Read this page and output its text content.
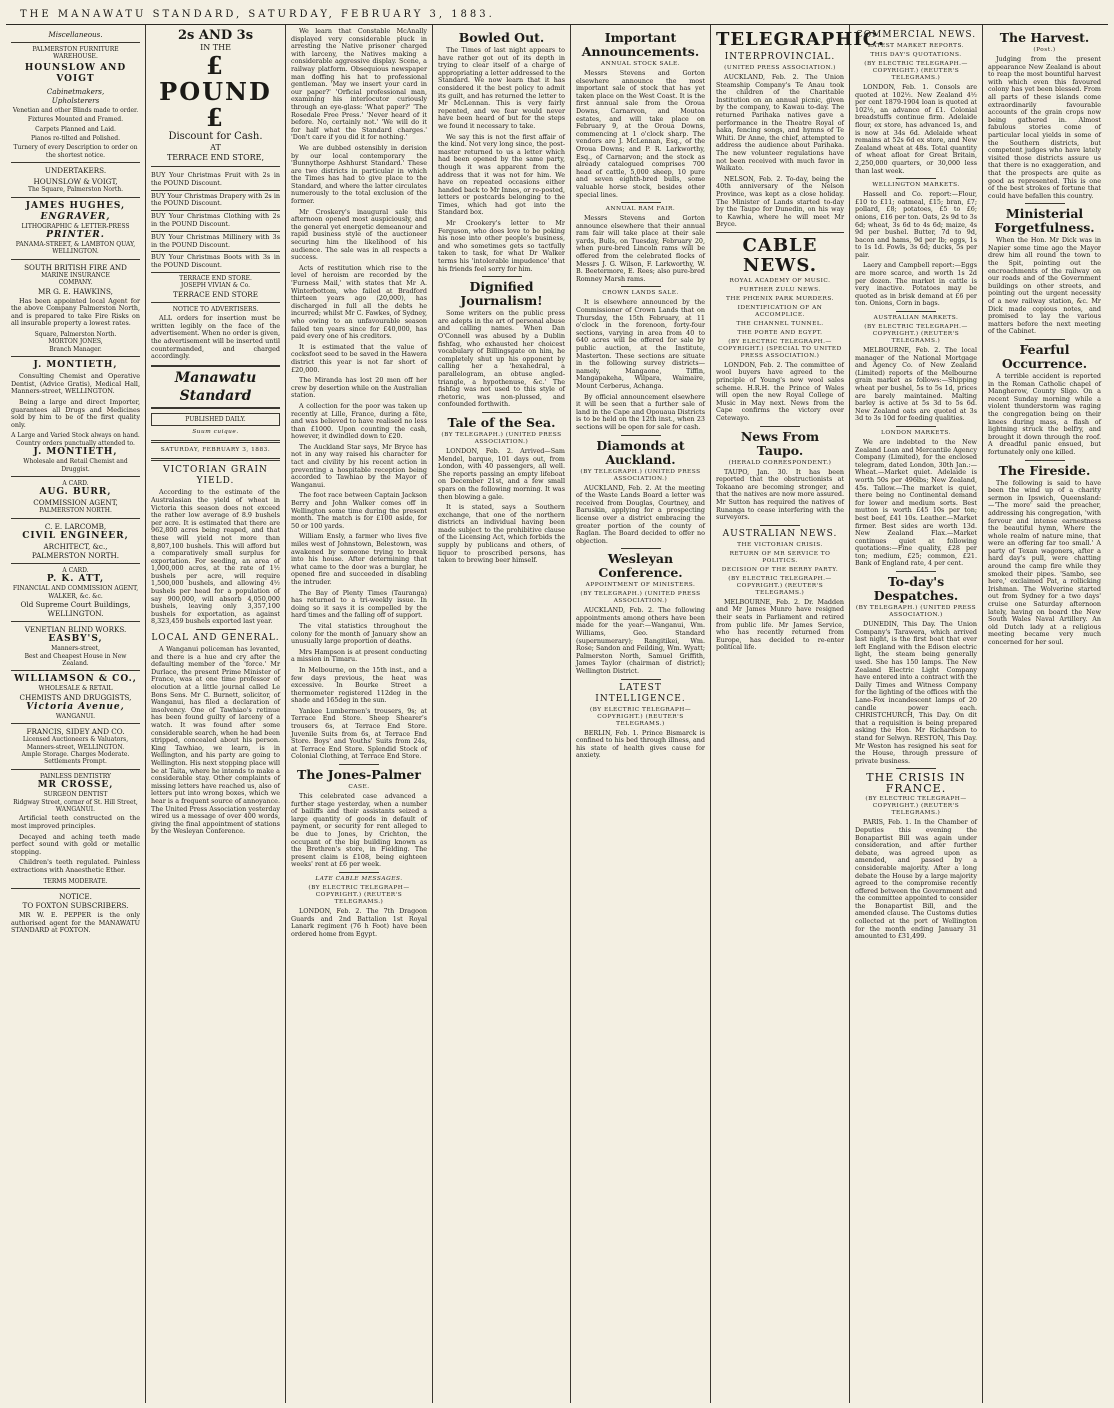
THE MANAWATU STANDARD, SATURDAY, FEBRUARY 3, 1883.
Miscellaneous.
PALMERSTON FURNITURE
WAREHOUSE.
HOUNSLOW AND VOIGT
Cabinetmakers,
Upholsterers
Venetian and other Blinds made to order.
Fixtures Mounted and Framed.
Carpets Planned and Laid.
Pianos re-tilted and Polished.
Turnery of every Description to order on the shortest notice.
UNDERTAKERS.
HOUNSLOW & VOIGT,
The Square, Palmerston North.
JAMES HUGHES,
ENGRAVER,
LITHOGRAPHIC & LETTER-PRESS
PRINTER.
PANAMA-STREET, & LAMBTON QUAY,
WELLINGTON.
SOUTH BRITISH FIRE AND
MARINE INSURANCE
COMPANY.
MR G. E. HAWKINS,

Has been appointed local Agent for the above Company Palmerston North, and is prepared to take Fire Risks on all insurable property a lowest rates.

Square, Palmerston North.
MORTON JONES,
Branch Manager.
J. MONTIETH,

Consulting Chemist and Operative Dentist, (Advice Gratis), Medical Hall, Manners-street, WELLINGTON.

Being a large and direct Importer, guarantees all Drugs and Medicines sold by him to be of the first quality only.

A Large and Varied Stock always on hand.
Country orders punctually attended to.
J. MONTIETH,
Wholesale and Retail Chemist and Druggist.
A CARD.
AUG. BURR,
COMMISSION AGENT,
PALMERSTON NORTH.
C. E. LARCOMB,
CIVIL ENGINEER,
ARCHITECT, &c.,
PALMERSTON NORTH.
A CARD.
P. K. ATT,
FINANCIAL AND COMMISSION AGENT,
WALKER, &c. &c.
Old Supreme Court Buildings, WELLINGTON.
VENETIAN BLIND WORKS.
EASBY'S,
Manners-street,
Best and Cheapest House in New Zealand.
WILLIAMSON & CO.,
WHOLESALE & RETAIL
CHEMISTS AND DRUGGISTS,
Victoria Avenue,
WANGANUI.
FRANCIS, SIDEY AND CO.
Licensed Auctioneers & Valuators,
Manners-street, WELLINGTON.
Ample Storage. Charges Moderate.
Settlements Prompt.
PAINLESS DENTISTRY
MR CROSSE,
SURGEON DENTIST
Ridgway Street, corner of St. Hill Street, WANGANUI.

Artificial teeth constructed on the most improved principles.

Decayed and aching teeth made perfect sound with gold or metallic stopping.

Children's teeth regulated. Painless extractions with Anaesthetic Ether.

TERMS MODERATE.
NOTICE.
TO FOXTON SUBSCRIBERS.

MR W. E. PEPPER is the only authorised agent for the MANAWATU STANDARD at FOXTON.

2s AND 3s
IN THE
£ POUND £
Discount for Cash.
AT
TERRACE END STORE,
BUY Your Christmas Fruit with 2s in the POUND Discount.
BUY Your Christmas Drapery with 2s in the POUND Discount.
BUY Your Christmas Clothing with 2s in the POUND Discount.
BUY Your Christmas Millinery with 3s in the POUND Discount.
BUY Your Christmas Boots with 3s in the POUND Discount.
TERRACE END STORE.
JOSEPH VIVIAN & Co.
TERRACE END STORE
NOTICE TO ADVERTISERS.

ALL orders for insertion must be written legibly on the face of the advertisement. When no order is given, the advertisement will be inserted until countermanded, and charged accordingly.

Manawatu Standard
PUBLISHED DAILY.
Suum cuique.
SATURDAY, FEBRUARY 3, 1883.
VICTORIAN GRAIN YIELD.

According to the estimate of the Australasian the yield of wheat in Victoria this season does not exceed the rather low average of 8.9 bushels per acre. It is estimated that there are 962,800 acres being reaped, and that these will yield not more than 8,807,100 bushels. This will afford but a comparatively small surplus for exportation. For seeding, an area of 1,000,000 acres, at the rate of 1½ bushels per acre, will require 1,500,000 bushels, and allowing 4½ bushels per head for a population of say 900,000, will absorb 4,050,000 bushels, leaving only 3,357,100 bushels for exportation, as against 8,323,459 bushels exported last year.

LOCAL AND GENERAL.

A Wanganui policeman has levanted, and there is a hue and cry after the defaulting member of the 'force.' Mr Durlace, the present Prime Minister of France, was at one time professor of elocution at a little journal called Le Bons Sens. Mr C. Burnett, solicitor, of Wanganui, has filed a declaration of insolvency. One of Tawhiao's retinue has been found guilty of larceny of a watch. It was found after some considerable search, when he had been stripped, concealed about his person. King Tawhiao, we learn, is in Wellington, and his party are going to Wellington. His next stopping place will be at Taita, where he intends to make a considerable stay. Other complaints of missing letters have reached us, also of letters put into wrong boxes, which we hear is a frequent source of annoyance. The United Press Association yesterday wired us a message of over 400 words, giving the final appointment of stations by the Wesleyan Conference.

We learn that Constable McAnally displayed very considerable pluck in arresting the Native prisoner charged with larceny, the Natives making a considerable aggressive display. Scene, a railway platform. Obsequious newspaper man doffing his hat to professional gentleman. 'May we insert your card in our paper?' 'Orficial professional man, examining his interlocutor curiously through an eye-glass: 'What paper?' 'The Rosedale Free Press.' 'Never heard of it before. No, certainly not.' 'We will do it for half what the Standard charges.' 'Don't care if you did it for nothing.'

We are dubbed ostensibly in derision by our local contemporary the 'Bunnythorpe Ashhurst Standard.' These are two districts in particular in which the Times has had to give place to the Standard, and where the latter circulates numerously to the total exclusion of the former.

Mr Croskery's inaugural sale this afternoon opened most auspiciously, and the general yet energetic demeanour and rapid business style of the auctioneer securing him the likelihood of his audience. The sale was in all respects a success.

Acts of restitution which rise to the level of heroism are recorded by the 'Furness Mail,' with states that Mr A. Winterbottom, who failed at Bradford thirteen years ago (20,000), has discharged in full all the debts he incurred; whilst Mr C. Fawkes, of Sydney, who owing to an unfavourable season failed ten years since for £40,000, has paid every one of his creditors.

It is estimated that the value of cocksfoot seed to be saved in the Hawera district this year is not far short of £20,000.

The Miranda has lost 20 men off her crew by desertion while on the Australian station.

A collection for the poor was taken up recently at Lille, France, during a fête, and was believed to have realised no less than £1000. Upon counting the cash, however, it dwindled down to £20.

The Auckland Star says, Mr Bryce has not in any way raised his character for tact and civility by his recent action in preventing a hospitable reception being accorded to Tawhiao by the Mayor of Wanganui.

The foot race between Captain Jackson Berry and John Walker comes off in Wellington some time during the present month. The match is for £100 aside, for 50 or 100 yards.

William Ensly, a farmer who lives five miles west of Johnstown, Belestown, was awakened by someone trying to break into his house. After determining that what came to the door was a burglar, he opened fire and succeeded in disabling the intruder.

The Bay of Plenty Times (Tauranga) has returned to a tri-weekly issue. In doing so it says it is compelled by the hard times and the falling off of support.

The vital statistics throughout the colony for the month of January show an unusually large proportion of deaths.

Mrs Hampson is at present conducting a mission in Timaru.

In Melbourne, on the 15th inst., and a few days previous, the heat was excessive. In Bourke Street a thermometer registered 112deg in the shade and 165deg in the sun.

Yankee Lumbermen's trousers, 9s; at Terrace End Store. Sheep Shearer's trousers 6s, at Terrace End Store. Juvenile Suits from 6s, at Terrace End Store. Boys' and Youths' Suits from 24s, at Terrace End Store. Splendid Stock of Colonial Clothing, at Terrace End Store.

The Jones-Palmer
CASE.

This celebrated case advanced a further stage yesterday, when a number of bailiffs and their assistants seized a large quantity of goods in default of payment, or security for rent alleged to be due to Jones, by Crichton, the occupant of the big building known as the Brethren's store, in Fielding. The present claim is £108, being eighteen weeks' rent at £6 per week.

LATE CABLE MESSAGES.
(BY ELECTRIC TELEGRAPH—COPYRIGHT.) (REUTER'S TELEGRAMS.)

LONDON, Feb. 2. The 7th Dragoon Guards and 2nd Battalion 1st Royal Lanark regiment (76 h Foot) have been ordered home from Egypt.

Bowled Out.

The Times of last night appears to have rather got out of its depth in trying to clear itself of a charge of appropriating a letter addressed to the Standard. We now learn that it has considered it the best policy to admit its guilt, and has returned the letter to Mr McLennan. This is very fairly repented, and we fear would never have been heard of but for the steps we found it necessary to take.

We say this is not the first affair of the kind. Not very long since, the post-master returned to us a letter which had been opened by the same party, though it was apparent from the address that it was not for him. We have on repeated occasions either handed back to Mr Innes, or re-posted, letters or postcards belonging to the Times, which had got into the Standard box.

Mr Crookery's letter to Mr Ferguson, who does love to be poking his nose into other people's business, and who sometimes gets so tactfully taken to task, for what Dr Walker terms his 'intolerable impudence' that his friends feel sorry for him.

Dignified Journalism!

Some writers on the public press are adepts in the art of personal abuse and calling names. When Dan O'Connell was abused by a Dublin fishfag, who exhausted her choicest vocabulary of Billingsgate on him, he completely shut up his opponent by calling her a 'hexahedral, a parallelogram, an obtuse angled-triangle, a hypothenuse, &c.' The fishfag was not used to this style of rhetoric, was non-plussed, and confounded forthwith.

Tale of the Sea.
(BY TELEGRAPH.) (UNITED PRESS ASSOCIATION.)

LONDON, Feb. 2. Arrived—Sam Mendel, barque, 101 days out, from London, with 40 passengers, all well. She reports passing an empty lifeboat on December 21st, and a few small spars on the following morning. It was then blowing a gale.

It is stated, says a Southern exchange, that one of the northern districts an individual having been made subject to the prohibitive clause of the Licensing Act, which forbids the supply by publicans and others, of liquor to proscribed persons, has taken to brewing beer himself.

Important Announcements.
ANNUAL STOCK SALE.

Messrs Stevens and Gorton elsewhere announce the most important sale of stock that has yet taken place on the West Coast. It is the first annual sale from the Oroua Downs, Carnarvon, and Moutoa estates, and will take place on February 9, at the Oroua Downs, commencing at 1 o'clock sharp. The vendors are J. McLennan, Esq., of the Oroua Downs; and P. R. Larkworthy, Esq., of Carnarvon; and the stock as already catalogued comprises 700 head of cattle, 5,000 sheep, 10 pure and seven eighth-bred bulls, some valuable horse stock, besides other special lines.

ANNUAL RAM FAIR.

Messrs Stevens and Gorton announce elsewhere that their annual ram fair will take place at their sale yards, Bulls, on Tuesday, February 20, when pure-bred Lincoln rams will be offered from the celebrated flocks of Messrs J. G. Wilson, F. Larkworthy, W. B. Beetermore, E. Rees; also pure-bred Romney Marsh rams.

CROWN LANDS SALE.

It is elsewhere announced by the Commissioner of Crown Lands that on Thursday, the 15th February, at 11 o'clock in the forenoon, forty-four sections, varying in area from 40 to 640 acres will be offered for sale by public auction, at the Institute, Masterton. These sections are situate in the following survey districts—namely, Mangaone, Tiffin, Mangapakeha, Wilpara, Waimaire, Mount Cerberus, Achanga.

By official announcement elsewhere it will be seen that a further sale of land in the Cape and Opouaua Districts is to be held on the 12th inst., when 23 sections will be open for sale for cash.

Diamonds at Auckland.
(BY TELEGRAPH.) (UNITED PRESS ASSOCIATION.)

AUCKLAND, Feb. 2. At the meeting of the Waste Lands Board a letter was received from Douglas, Courtney, and Baruskin, applying for a prospecting license over a district embracing the greater portion of the county of Raglan. The Board decided to offer no objection.

Wesleyan Conference.
APPOINTMENT OF MINISTERS.
(BY TELEGRAPH.) (UNITED PRESS ASSOCIATION.)

AUCKLAND, Feb. 2. The following appointments among others have been made for the year:—Wanganui, Wm. Williams, Geo. Standard (supernumerary); Rangitikei, Wm. Rose; Sandon and Feilding, Wm. Wyatt; Palmerston North, Samuel Griffith, James Taylor (chairman of district); Wellington District.

LATEST INTELLIGENCE.
(BY ELECTRIC TELEGRAPH—COPYRIGHT.) (REUTER'S TELEGRAMS.)

BERLIN, Feb. 1. Prince Bismarck is confined to his bed through illness, and his state of health gives cause for anxiety.

TELEGRAPHIC.
INTERPROVINCIAL.
(UNITED PRESS ASSOCIATION.)

AUCKLAND, Feb. 2. The Union Steamship Company's Te Anau took the children of the Charitable Institution on an annual picnic, given by the company, to Kawau to-day. The returned Parihaka natives gave a performance in the Theatre Royal of haka, fencing songs, and hymns of Te Whiti. Dr Anne, the chief, attempted to address the audience about Parihaka. The new volunteer regulations have not been received with much favor in Waikato.

NELSON, Feb. 2. To-day, being the 40th anniversary of the Nelson Province, was kept as a close holiday. The Minister of Lands started to-day by the Taupo for Dunedin, on his way to Kawhia, where he will meet Mr Bryce.

CABLE NEWS.
ROYAL ACADEMY OF MUSIC.
FURTHER ZULU NEWS.
THE PHŒNIX PARK MURDERS.
IDENTIFICATION OF AN ACCOMPLICE.
THE CHANNEL TUNNEL.
THE PORTE AND EGYPT.
(BY ELECTRIC TELEGRAPH.—COPYRIGHT.) (SPECIAL TO UNITED PRESS ASSOCIATION.)

LONDON, Feb. 2. The committee of wool buyers have agreed to the principle of Young's new wool sales scheme. H.R.H. the Prince of Wales will open the new Royal College of Music in May next. News from the Cape confirms the victory over Cetewayo.

News From Taupo.
(HERALD CORRESPONDENT.)

TAUPO, Jan. 30. It has been reported that the obstructionists at Tokaano are becoming stronger, and that the natives are now more assured. Mr Sutton has required the natives of Runanga to cease interfering with the surveyors.

AUSTRALIAN NEWS.
THE VICTORIAN CRISIS.
RETURN OF MR SERVICE TO POLITICS.
DECISION OF THE BERRY PARTY.
(BY ELECTRIC TELEGRAPH.—COPYRIGHT.) (REUTER'S TELEGRAMS.)

MELBOURNE, Feb. 2. Dr. Madden and Mr James Munro have resigned their seats in Parliament and retired from public life. Mr James Service, who has recently returned from Europe, has decided to re-enter political life.

COMMERCIAL NEWS.
LATEST MARKET REPORTS.
THIS DAY'S QUOTATIONS.
(BY ELECTRIC TELEGRAPH.—COPYRIGHT.) (REUTER'S TELEGRAMS.)

LONDON, Feb. 1. Consols are quoted at 102½. New Zealand 4½ per cent 1879-1904 loan is quoted at 102½, an advance of £1. Colonial breadstuffs continue firm. Adelaide flour, ex store, has advanced 1s, and is now at 34s 6d. Adelaide wheat remains at 52s 6d ex store, and New Zealand wheat at 48s. Total quantity of wheat afloat for Great Britain, 2,250,000 quarters, or 30,000 less than last week.

WELLINGTON MARKETS.

Hassell and Co. report:—Flour, £10 to £11; oatmeal, £15; bran, £7; pollard, £8; potatoes, £5 to £6; onions, £16 per ton. Oats, 2s 9d to 3s 6d; wheat, 3s 6d to 4s 6d; maize, 4s 9d per bushel. Butter, 7d to 9d, bacon and hams, 9d per lb; eggs, 1s to 1s 1d. Fowls, 3s 6d; ducks, 5s per pair.

Laery and Campbell report:—Eggs are more scarce, and worth 1s 2d per dozen. The market in cattle is very inactive. Potatoes may be quoted as in brisk demand at £6 per ton. Onions, Corn in bags.

AUSTRALIAN MARKETS.
(BY ELECTRIC TELEGRAPH.—COPYRIGHT.) (REUTER'S TELEGRAMS.)

MELBOURNE, Feb. 2. The local manager of the National Mortgage and Agency Co. of New Zealand (Limited) reports of the Melbourne grain market as follows:—Shipping wheat per bushel, 5s to 5s 1d, prices are barely maintained. Malting barley is active at 5s 3d to 5s 6d. New Zealand oats are quoted at 3s 3d to 3s 10d for feeding qualities.

LONDON MARKETS.

We are indebted to the New Zealand Loan and Mercantile Agency Company (Limited), for the enclosed telegram, dated London, 30th Jan.:—Wheat.—Market quiet. Adelaide is worth 50s per 496lbs; New Zealand, 45s. Tallow.—The market is quiet, there being no Continental demand for lower and medium sorts. Best mutton is worth £45 10s per ton; best beef, £41 10s. Leather.—Market firmer. Best sides are worth 13d. New Zealand Flax.—Market continues quiet at following quotations:—Fine quality, £28 per ton; medium, £25; common, £21. Bank of England rate, 4 per cent.

To-day's Despatches.
(BY TELEGRAPH.) (UNITED PRESS ASSOCIATION.)

DUNEDIN, This Day. The Union Company's Tarawera, which arrived last night, is the first boat that ever left England with the Edison electric light, the steam being generally used. She has 150 lamps. The New Zealand Electric Light Company have entered into a contract with the Daily Times and Witness Company for the lighting of the offices with the Lane-Fox incandescent lamps of 20 candle power each. CHRISTCHURCH, This Day. On dit that a requisition is being prepared asking the Hon. Mr Richardson to stand for Selwyn. RESTON, This Day. Mr Weston has resigned his seat for the House, through pressure of private business.

THE CRISIS IN FRANCE.
(BY ELECTRIC TELEGRAPH—COPYRIGHT.) (REUTER'S TELEGRAMS.)

PARIS, Feb. 1. In the Chamber of Deputies this evening the Bonapartist Bill was again under consideration, and after further debate, was agreed upon as amended, and passed by a considerable majority. After a long debate the House by a large majority agreed to the compromise recently offered between the Government and the committee appointed to consider the Bonapartist Bill, and the amended clause. The Customs duties collected at the port of Wellington for the month ending January 31 amounted to £31,499.

The Harvest.
(Post.)

Judging from the present appearance New Zealand is about to reap the most bountiful harvest with which even this favoured colony has yet been blessed. From all parts of these islands come extraordinarily favourable accounts of the grain crops now being gathered in. Almost fabulous stories come of particular local yields in some of the Southern districts, but competent judges who have lately visited those districts assure us that there is no exaggeration, and that the prospects are quite as good as represented. This is one of the best strokes of fortune that could have befallen this country.

Ministerial Forgetfulness.

When the Hon. Mr Dick was in Napier some time ago the Mayor drew him all round the town to the Spit, pointing out the encroachments of the railway on our roads and of the Government buildings on other streets, and pointing out the urgent necessity of a new railway station, &c. Mr Dick made copious notes, and promised to lay the various matters before the next meeting of the Cabinet.

Fearful Occurrence.

A terrible accident is reported in the Roman Catholic chapel of Mangherow, County Sligo. On a recent Sunday morning while a violent thunderstorm was raging the congregation being on their knees during mass, a flash of lightning struck the belfry, and brought it down through the roof. A dreadful panic ensued, but fortunately only one killed.

The Fireside.

The following is said to have been the wind up of a charity sermon in Ipswich, Queensland:—'The more' said the preacher, addressing his congregation, 'with fervour and intense earnestness the beautiful hymn, Where the whole realm of nature mine, that were an offering far too small.' A party of Texan wagoners, after a hard day's pull, were chatting around the camp fire while they smoked their pipes. 'Sambo, see here,' exclaimed Pat, a rollicking Irishman. The Wolverine started out from Sydney for a two days' cruise one Saturday afternoon lately, having on board the New South Wales Naval Artillery. An old Dutch lady at a religious meeting became very much concerned for her soul.
